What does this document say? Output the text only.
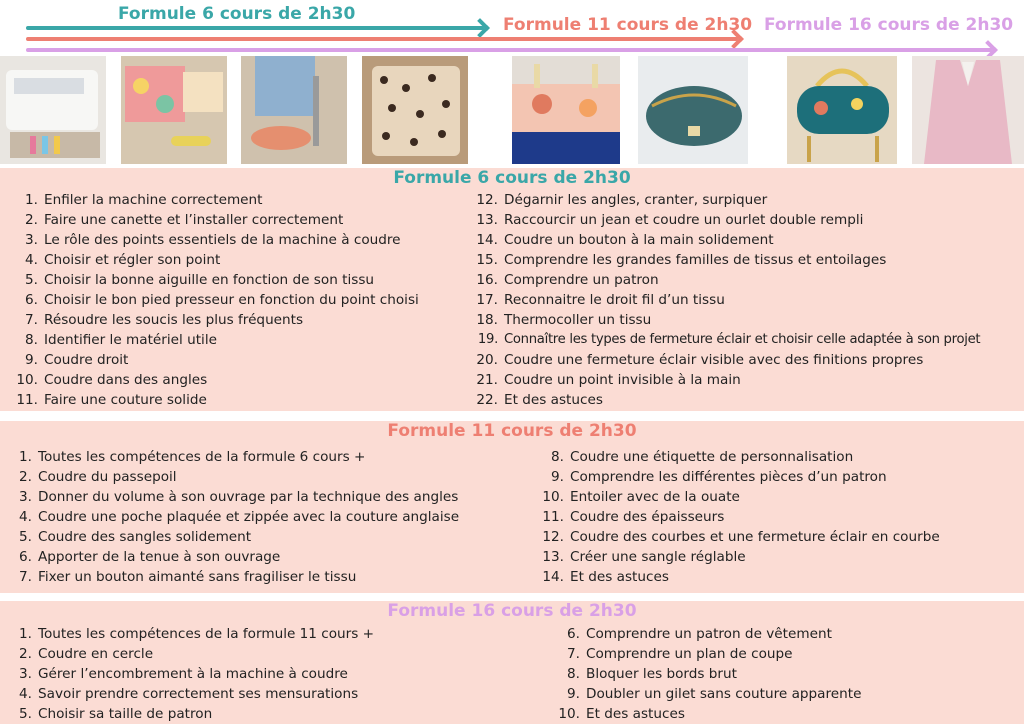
Formule 6 cours de 2h30
Formule 11 cours de 2h30 Formule 16 cours de 2h30
Formule 6 cours de 2h30
1. Enfiler la machine correctement
2. Faire une canette et l’installer correctement
3. Le rôle des points essentiels de la machine à coudre
4. Choisir et régler son point
5. Choisir la bonne aiguille en fonction de son tissu
6. Choisir le bon pied presseur en fonction du point choisi
7. Résoudre les soucis les plus fréquents
8. Identifier le matériel utile
9. Coudre droit
10. Coudre dans des angles
11. Faire une couture solide
12. Dégarnir les angles, cranter, surpiquer
13. Raccourcir un jean et coudre un ourlet double rempli
14. Coudre un bouton à la main solidement
15. Comprendre les grandes familles de tissus et entoilages
16. Comprendre un patron
17. Reconnaitre le droit fil d’un tissu
18. Thermocoller un tissu
19. Connaître les types de fermeture éclair et choisir celle adaptée à son projet
20. Coudre une fermeture éclair visible avec des finitions propres
21. Coudre un point invisible à la main
22. Et des astuces
Formule 11 cours de 2h30
1. Toutes les compétences de la formule 6 cours +
2. Coudre du passepoil
3. Donner du volume à son ouvrage par la technique des angles
4. Coudre une poche plaquée et zippée avec la couture anglaise
5. Coudre des sangles solidement
6. Apporter de la tenue à son ouvrage
7. Fixer un bouton aimanté sans fragiliser le tissu
8. Coudre une étiquette de personnalisation
9. Comprendre les différentes pièces d’un patron
10. Entoiler avec de la ouate
11. Coudre des épaisseurs
12. Coudre des courbes et une fermeture éclair en courbe
13. Créer une sangle réglable
14. Et des astuces
Formule 16 cours de 2h30
1. Toutes les compétences de la formule 11 cours +
2. Coudre en cercle
3. Gérer l’encombrement à la machine à coudre
4. Savoir prendre correctement ses mensurations
5. Choisir sa taille de patron
6. Comprendre un patron de vêtement
7. Comprendre un plan de coupe
8. Bloquer les bords brut
9. Doubler un gilet sans couture apparente
10. Et des astuces
